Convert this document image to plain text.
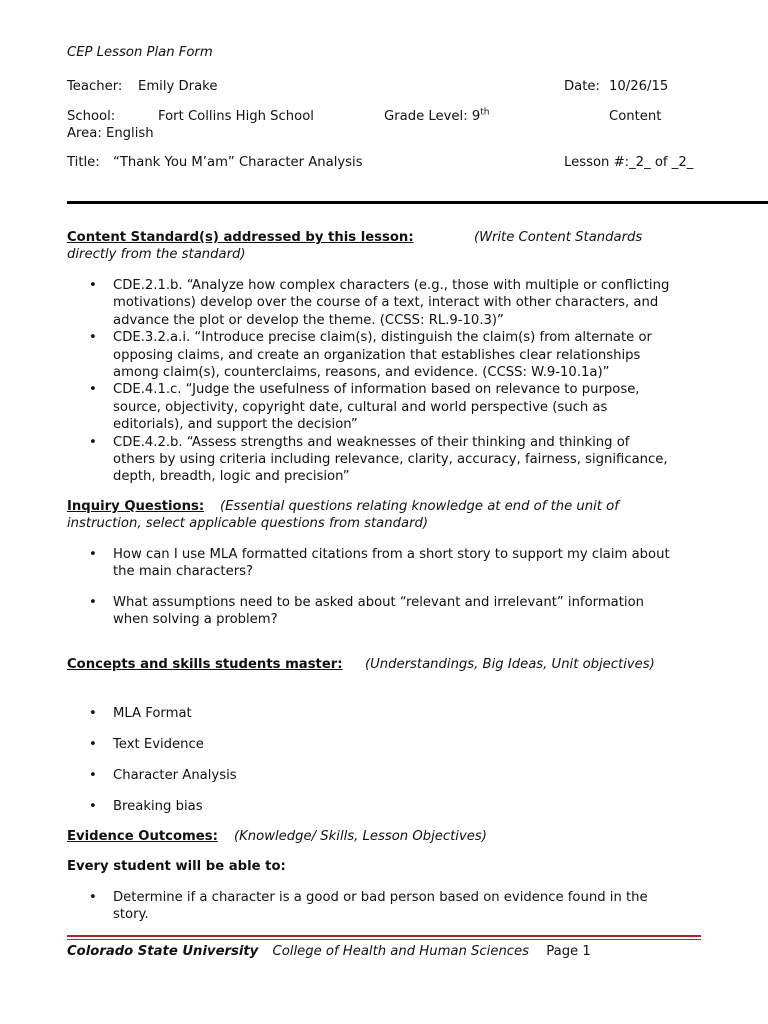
CEP Lesson Plan Form
Teacher: Emily Drake	Date: 10/26/15
School:	Fort Collins High School	Grade Level: 9th	Content
Area: English
Title: “Thank You M’am” Character Analysis	Lesson #:_2_ of _2_
Content Standard(s) addressed by this lesson:	(Write Content Standards
directly from the standard)
• CDE.2.1.b. “Analyze how complex characters (e.g., those with multiple or conflicting
motivations) develop over the course of a text, interact with other characters, and
advance the plot or develop the theme. (CCSS: RL.9-10.3)”
• CDE.3.2.a.i. “Introduce precise claim(s), distinguish the claim(s) from alternate or
opposing claims, and create an organization that establishes clear relationships
among claim(s), counterclaims, reasons, and evidence. (CCSS: W.9-10.1a)”
• CDE.4.1.c. “Judge the usefulness of information based on relevance to purpose,
source, objectivity, copyright date, cultural and world perspective (such as
editorials), and support the decision”
• CDE.4.2.b. “Assess strengths and weaknesses of their thinking and thinking of
others by using criteria including relevance, clarity, accuracy, fairness, significance,
depth, breadth, logic and precision”
Inquiry Questions: (Essential questions relating knowledge at end of the unit of
instruction, select applicable questions from standard)
• How can I use MLA formatted citations from a short story to support my claim about
the main characters?
• What assumptions need to be asked about “relevant and irrelevant” information
when solving a problem?
Concepts and skills students master: (Understandings, Big Ideas, Unit objectives)
• MLA Format
• Text Evidence
• Character Analysis
• Breaking bias
Evidence Outcomes: (Knowledge/ Skills, Lesson Objectives)
Every student will be able to:
• Determine if a character is a good or bad person based on evidence found in the
story.
Colorado State University College of Health and Human Sciences Page 1
